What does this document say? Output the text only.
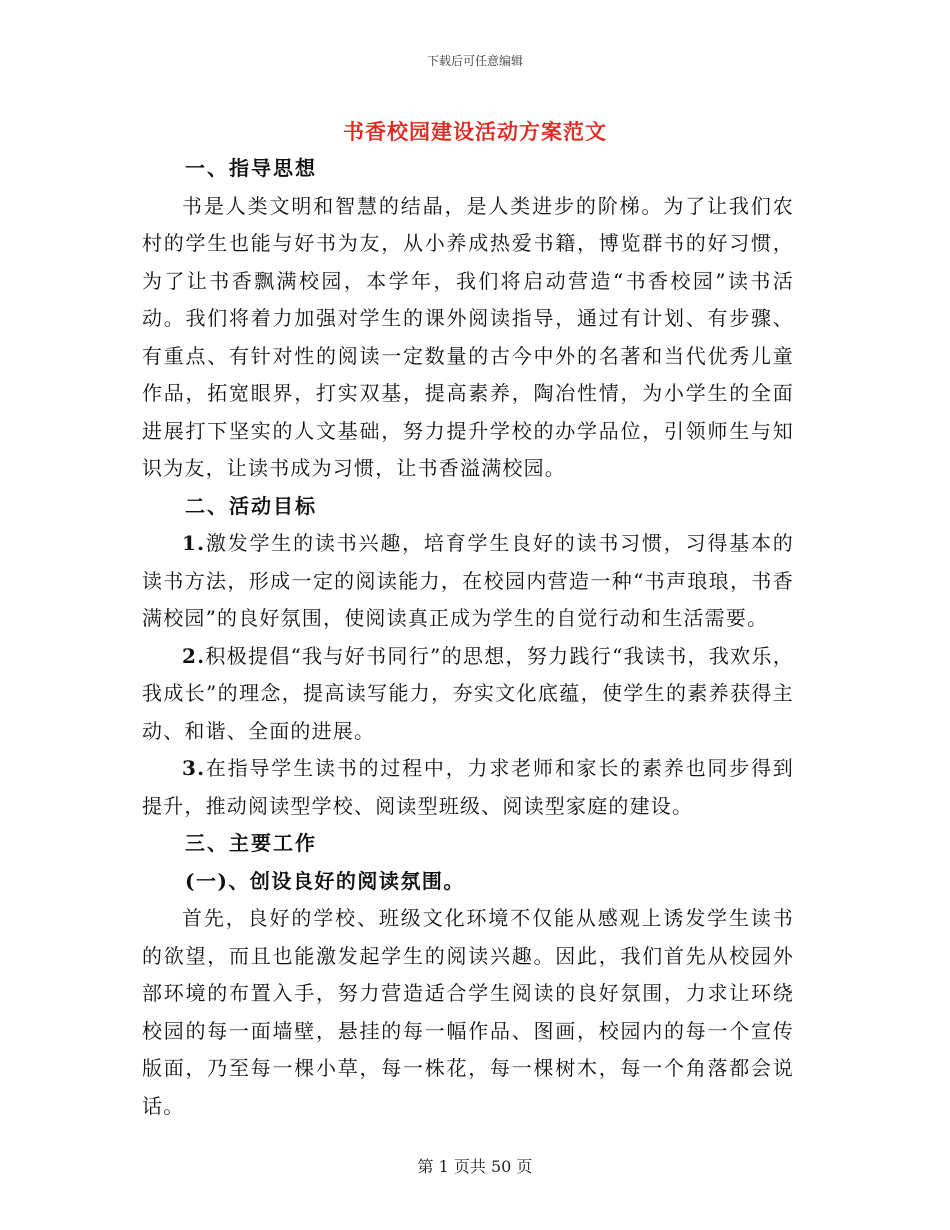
下载后可任意编辑
书香校园建设活动方案范文
一、指导思想

书是人类文明和智慧的结晶，是人类进步的阶梯。为了让我们农村的学生也能与好书为友，从小养成热爱书籍，博览群书的好习惯，为了让书香飘满校园，本学年，我们将启动营造“书香校园”读书活动。我们将着力加强对学生的课外阅读指导，通过有计划、有步骤、有重点、有针对性的阅读一定数量的古今中外的名著和当代优秀儿童作品，拓宽眼界，打实双基，提高素养，陶冶性情，为小学生的全面进展打下坚实的人文基础，努力提升学校的办学品位，引领师生与知识为友，让读书成为习惯，让书香溢满校园。

二、活动目标

1.激发学生的读书兴趣，培育学生良好的读书习惯，习得基本的读书方法，形成一定的阅读能力，在校园内营造一种“书声琅琅，书香满校园”的良好氛围，使阅读真正成为学生的自觉行动和生活需要。

2.积极提倡“我与好书同行”的思想，努力践行“我读书，我欢乐，我成长”的理念，提高读写能力，夯实文化底蕴，使学生的素养获得主动、和谐、全面的进展。

3.在指导学生读书的过程中，力求老师和家长的素养也同步得到提升，推动阅读型学校、阅读型班级、阅读型家庭的建设。

三、主要工作
(一)、创设良好的阅读氛围。

首先，良好的学校、班级文化环境不仅能从感观上诱发学生读书的欲望，而且也能激发起学生的阅读兴趣。因此，我们首先从校园外部环境的布置入手，努力营造适合学生阅读的良好氛围，力求让环绕校园的每一面墙壁，悬挂的每一幅作品、图画，校园内的每一个宣传版面，乃至每一棵小草，每一株花，每一棵树木，每一个角落都会说话。

第 1 页共 50 页
